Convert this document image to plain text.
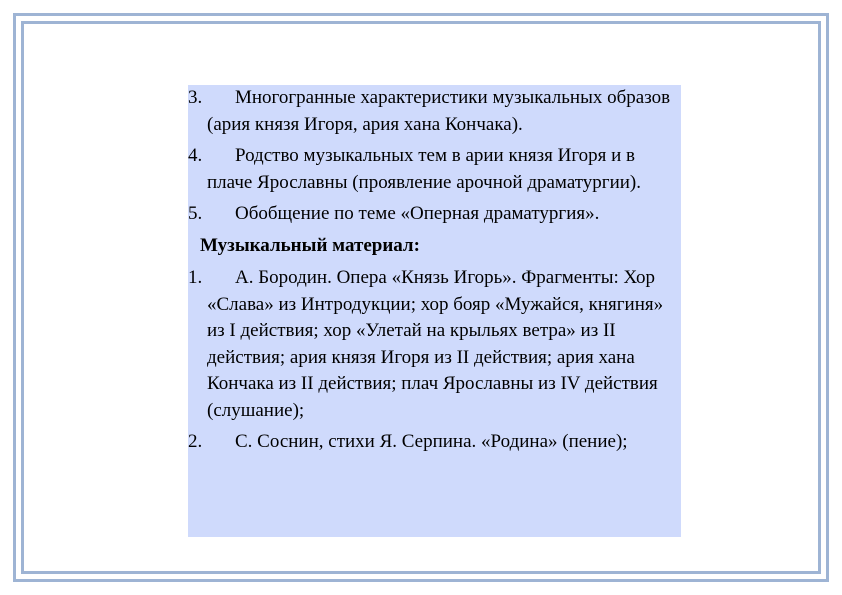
3.	Многогранные характеристики музыкальных образов (ария князя Игоря, ария хана Кончака).
4.	Родство музыкальных тем в арии князя Игоря и в плаче Ярославны (проявление арочной драматургии).
5.	Обобщение по теме «Оперная драматургия».
Музыкальный материал:
1.	А. Бородин. Опера «Князь Игорь». Фрагменты: Хор «Слава» из Интродукции; хор бояр «Мужайся, княгиня» из I действия; хор «Улетай на крыльях ветра» из II действия; ария князя Игоря из II действия; ария хана Кончака из II действия; плач Ярославны из IV действия (слушание);
2.	С. Соснин, стихи Я. Серпина. «Родина» (пение);
